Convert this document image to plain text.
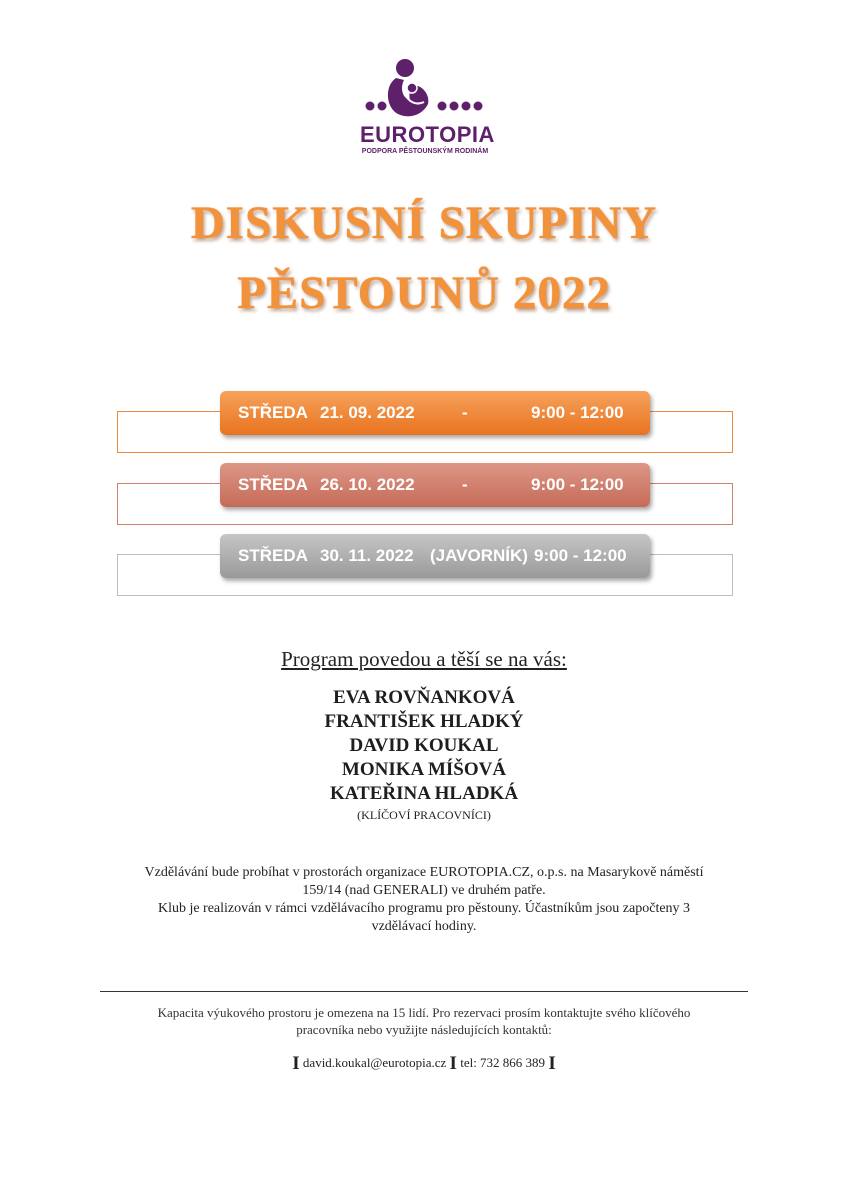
EUROTOPIA
PODPORA PĚSTOUNSKÝM RODINÁM
DISKUSNÍ SKUPINY
PĚSTOUNŮ 2022
STŘEDA 21. 09. 2022	-	9:00 - 12:00
STŘEDA 26. 10. 2022	-	9:00 - 12:00
STŘEDA 30. 11. 2022 (JAVORNÍK) 9:00 - 12:00
Program povedou a těší se na vás:
EVA ROVŇANKOVÁ
FRANTIŠEK HLADKÝ
DAVID KOUKAL
MONIKA MÍŠOVÁ
KATEŘINA HLADKÁ
(KLÍČOVÍ PRACOVNÍCI)
Vzdělávání bude probíhat v prostorách organizace EUROTOPIA.CZ, o.p.s. na Masarykově náměstí
159/14 (nad GENERALI) ve druhém patře.
Klub je realizován v rámci vzdělávacího programu pro pěstouny. Účastníkům jsou započteny 3
vzdělávací hodiny.
Kapacita výukového prostoru je omezena na 15 lidí. Pro rezervaci prosím kontaktujte svého klíčového
pracovníka nebo využijte následujících kontaktů:
I david.koukal@eurotopia.cz I tel: 732 866 389 I
